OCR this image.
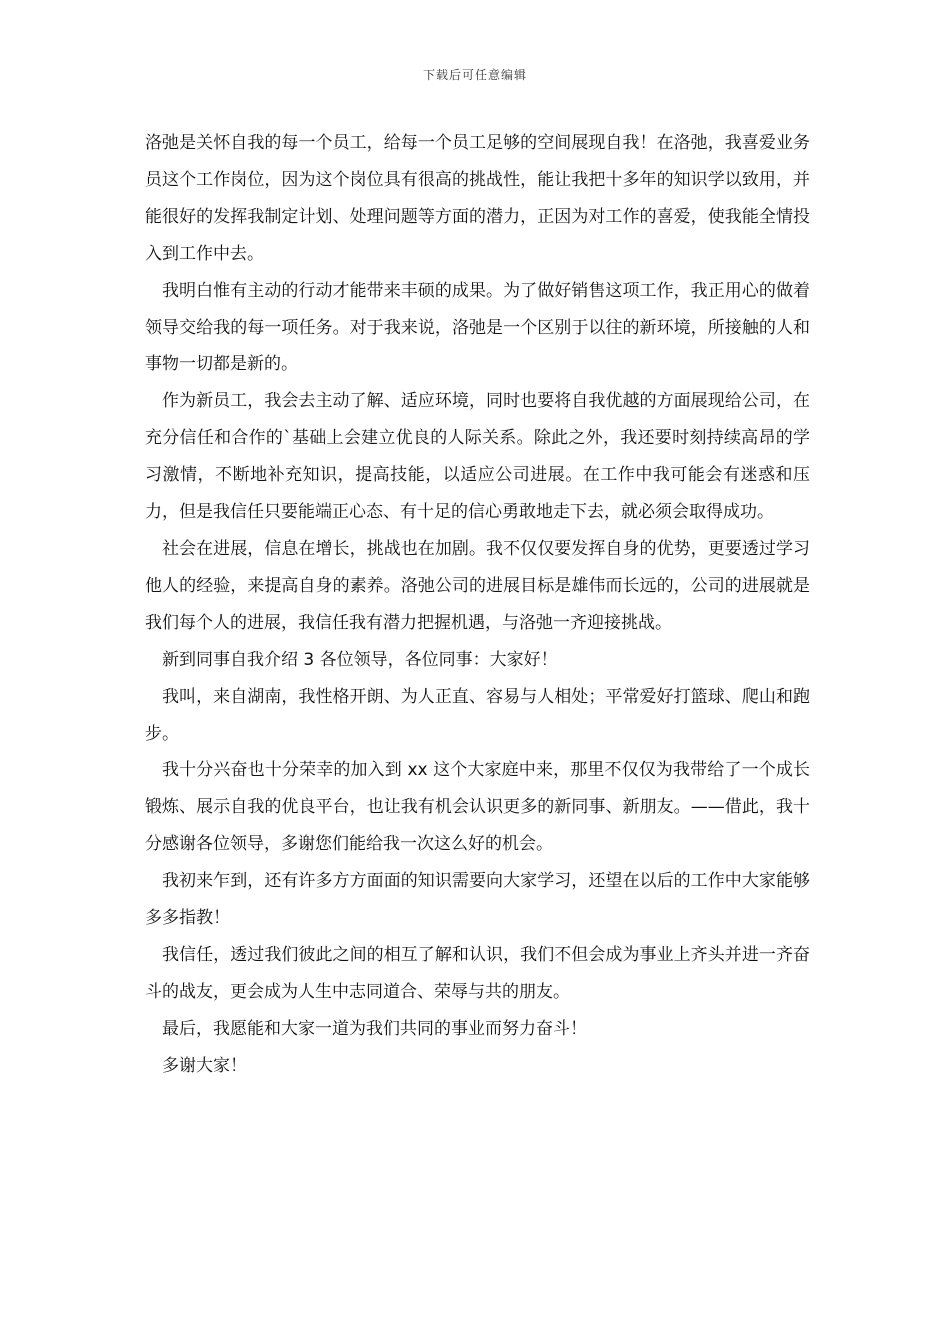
下载后可任意编辑

洛弛是关怀自我的每一个员工，给每一个员工足够的空间展现自我！在洛弛，我喜爱业务员这个工作岗位，因为这个岗位具有很高的挑战性，能让我把十多年的知识学以致用，并能很好的发挥我制定计划、处理问题等方面的潜力，正因为对工作的喜爱，使我能全情投入到工作中去。

我明白惟有主动的行动才能带来丰硕的成果。为了做好销售这项工作，我正用心的做着领导交给我的每一项任务。对于我来说，洛弛是一个区别于以往的新环境，所接触的人和事物一切都是新的。

作为新员工，我会去主动了解、适应环境，同时也要将自我优越的方面展现给公司，在充分信任和合作的`基础上会建立优良的人际关系。除此之外，我还要时刻持续高昂的学习激情，不断地补充知识，提高技能，以适应公司进展。在工作中我可能会有迷惑和压力，但是我信任只要能端正心态、有十足的信心勇敢地走下去，就必须会取得成功。

社会在进展，信息在增长，挑战也在加剧。我不仅仅要发挥自身的优势，更要透过学习他人的经验，来提高自身的素养。洛弛公司的进展目标是雄伟而长远的，公司的进展就是我们每个人的进展，我信任我有潜力把握机遇，与洛弛一齐迎接挑战。

新到同事自我介绍 3 各位领导，各位同事：大家好！

我叫，来自湖南，我性格开朗、为人正直、容易与人相处；平常爱好打篮球、爬山和跑步。

我十分兴奋也十分荣幸的加入到 xx 这个大家庭中来，那里不仅仅为我带给了一个成长锻炼、展示自我的优良平台，也让我有机会认识更多的新同事、新朋友。——借此，我十分感谢各位领导，多谢您们能给我一次这么好的机会。

我初来乍到，还有许多方方面面的知识需要向大家学习，还望在以后的工作中大家能够多多指教！

我信任，透过我们彼此之间的相互了解和认识，我们不但会成为事业上齐头并进一齐奋斗的战友，更会成为人生中志同道合、荣辱与共的朋友。

最后，我愿能和大家一道为我们共同的事业而努力奋斗！

多谢大家！
